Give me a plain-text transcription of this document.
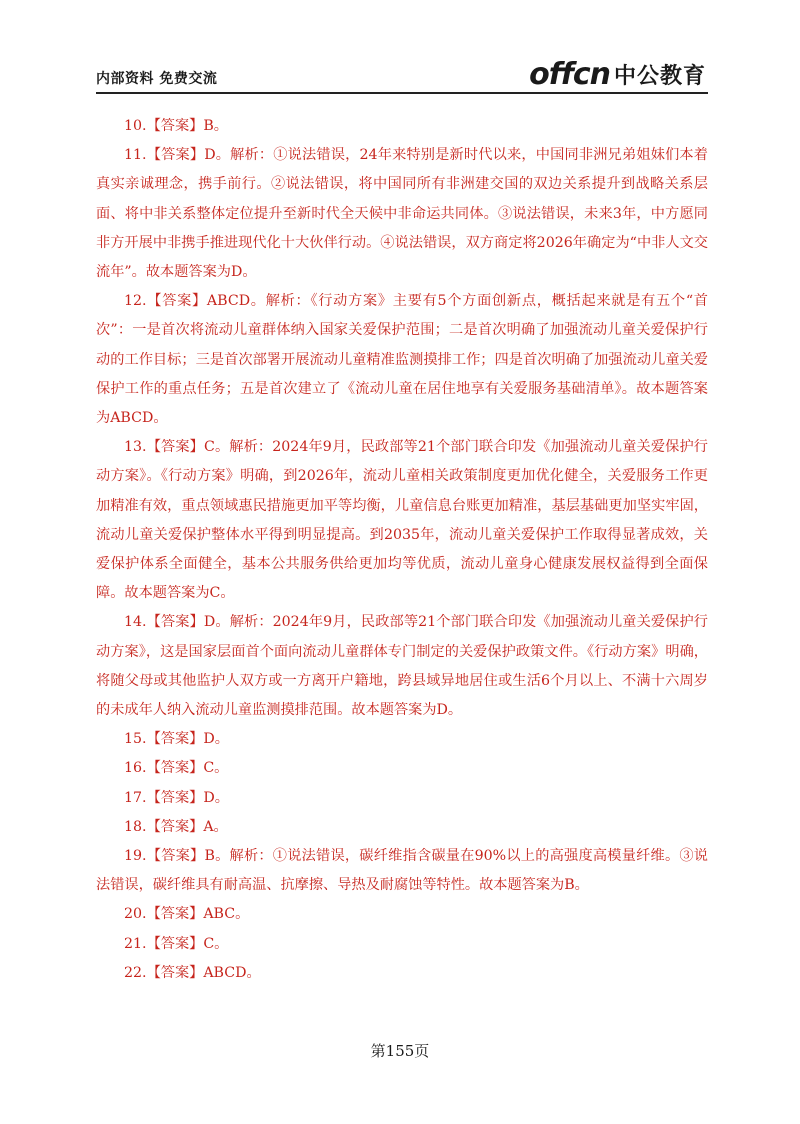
内部资料 免费交流	offcn 中公教育

10.【答案】B。

11.【答案】D。解析：①说法错误，24年来特别是新时代以来，中国同非洲兄弟姐妹们本着真实亲诚理念，携手前行。②说法错误，将中国同所有非洲建交国的双边关系提升到战略关系层面、将中非关系整体定位提升至新时代全天候中非命运共同体。③说法错误，未来3年，中方愿同非方开展中非携手推进现代化十大伙伴行动。④说法错误，双方商定将2026年确定为“中非人文交流年”。故本题答案为D。

12.【答案】ABCD。解析：《行动方案》主要有5个方面创新点，概括起来就是有五个“首次”：一是首次将流动儿童群体纳入国家关爱保护范围；二是首次明确了加强流动儿童关爱保护行动的工作目标；三是首次部署开展流动儿童精准监测摸排工作；四是首次明确了加强流动儿童关爱保护工作的重点任务；五是首次建立了《流动儿童在居住地享有关爱服务基础清单》。故本题答案为ABCD。

13.【答案】C。解析：2024年9月，民政部等21个部门联合印发《加强流动儿童关爱保护行动方案》。《行动方案》明确，到2026年，流动儿童相关政策制度更加优化健全，关爱服务工作更加精准有效，重点领域惠民措施更加平等均衡，儿童信息台账更加精准，基层基础更加坚实牢固，流动儿童关爱保护整体水平得到明显提高。到2035年，流动儿童关爱保护工作取得显著成效，关爱保护体系全面健全，基本公共服务供给更加均等优质，流动儿童身心健康发展权益得到全面保障。故本题答案为C。

14.【答案】D。解析：2024年9月，民政部等21个部门联合印发《加强流动儿童关爱保护行动方案》，这是国家层面首个面向流动儿童群体专门制定的关爱保护政策文件。《行动方案》明确，将随父母或其他监护人双方或一方离开户籍地，跨县域异地居住或生活6个月以上、不满十六周岁的未成年人纳入流动儿童监测摸排范围。故本题答案为D。

15.【答案】D。

16.【答案】C。

17.【答案】D。

18.【答案】A。

19.【答案】B。解析：①说法错误，碳纤维指含碳量在90%以上的高强度高模量纤维。③说法错误，碳纤维具有耐高温、抗摩擦、导热及耐腐蚀等特性。故本题答案为B。

20.【答案】ABC。

21.【答案】C。

22.【答案】ABCD。

第155页
